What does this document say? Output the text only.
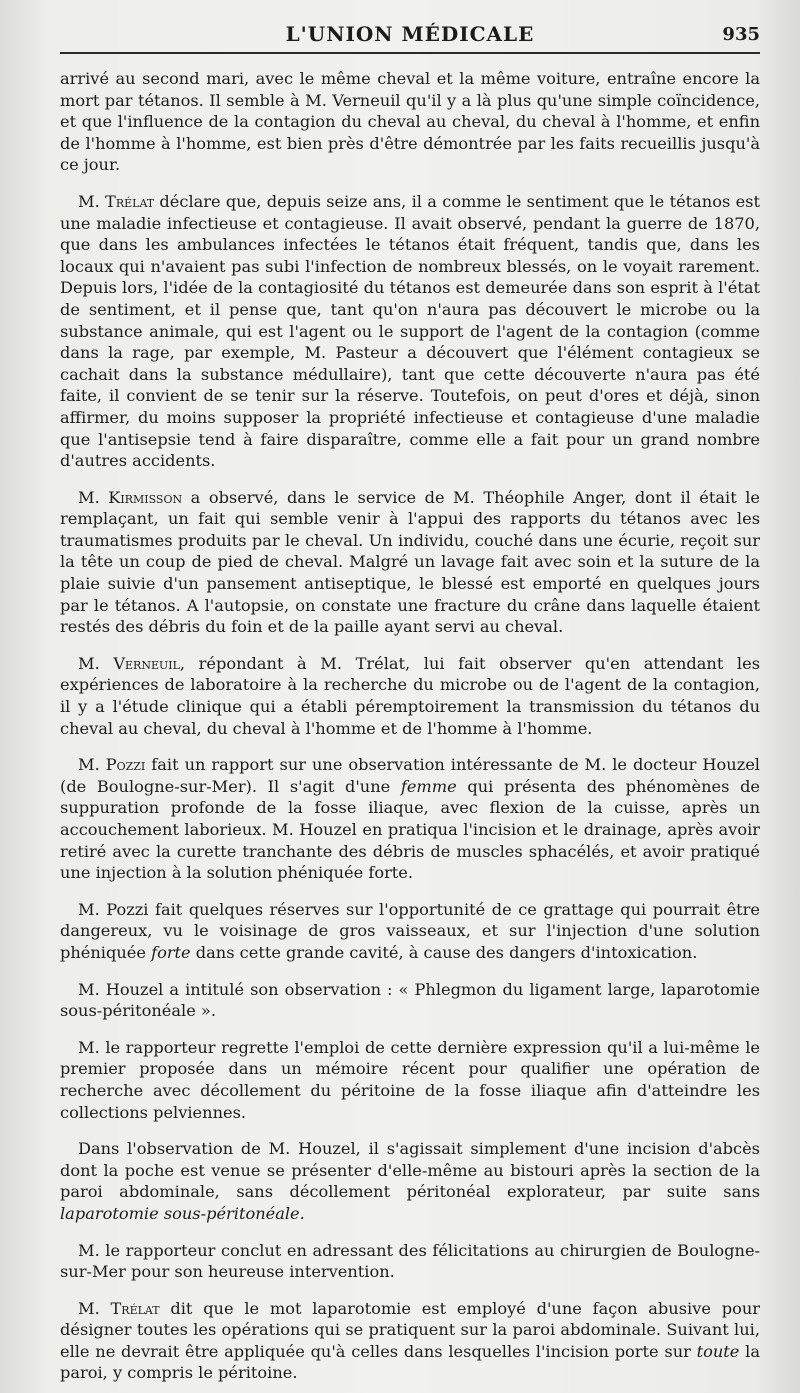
L'UNION MÉDICALE	935

arrivé au second mari, avec le même cheval et la même voiture, entraîne encore la mort par tétanos. Il semble à M. Verneuil qu'il y a là plus qu'une simple coïncidence, et que l'influence de la contagion du cheval au cheval, du cheval à l'homme, et enfin de l'homme à l'homme, est bien près d'être démontrée par les faits recueillis jusqu'à ce jour.

M. Trélat déclare que, depuis seize ans, il a comme le sentiment que le tétanos est une maladie infectieuse et contagieuse. Il avait observé, pendant la guerre de 1870, que dans les ambulances infectées le tétanos était fréquent, tandis que, dans les locaux qui n'avaient pas subi l'infection de nombreux blessés, on le voyait rarement. Depuis lors, l'idée de la contagiosité du tétanos est demeurée dans son esprit à l'état de sentiment, et il pense que, tant qu'on n'aura pas découvert le microbe ou la substance animale, qui est l'agent ou le support de l'agent de la contagion (comme dans la rage, par exemple, M. Pasteur a découvert que l'élément contagieux se cachait dans la substance médullaire), tant que cette découverte n'aura pas été faite, il convient de se tenir sur la réserve. Toutefois, on peut d'ores et déjà, sinon affirmer, du moins supposer la propriété infectieuse et contagieuse d'une maladie que l'antisepsie tend à faire disparaître, comme elle a fait pour un grand nombre d'autres accidents.

M. Kirmisson a observé, dans le service de M. Théophile Anger, dont il était le remplaçant, un fait qui semble venir à l'appui des rapports du tétanos avec les traumatismes produits par le cheval. Un individu, couché dans une écurie, reçoit sur la tête un coup de pied de cheval. Malgré un lavage fait avec soin et la suture de la plaie suivie d'un pansement antiseptique, le blessé est emporté en quelques jours par le tétanos. A l'autopsie, on constate une fracture du crâne dans laquelle étaient restés des débris du foin et de la paille ayant servi au cheval.

M. Verneuil, répondant à M. Trélat, lui fait observer qu'en attendant les expériences de laboratoire à la recherche du microbe ou de l'agent de la contagion, il y a l'étude clinique qui a établi péremptoirement la transmission du tétanos du cheval au cheval, du cheval à l'homme et de l'homme à l'homme.

M. Pozzi fait un rapport sur une observation intéressante de M. le docteur Houzel (de Boulogne-sur-Mer). Il s'agit d'une femme qui présenta des phénomènes de suppuration profonde de la fosse iliaque, avec flexion de la cuisse, après un accouchement laborieux. M. Houzel en pratiqua l'incision et le drainage, après avoir retiré avec la curette tranchante des débris de muscles sphacélés, et avoir pratiqué une injection à la solution phéniquée forte.

M. Pozzi fait quelques réserves sur l'opportunité de ce grattage qui pourrait être dangereux, vu le voisinage de gros vaisseaux, et sur l'injection d'une solution phéniquée forte dans cette grande cavité, à cause des dangers d'intoxication.

M. Houzel a intitulé son observation : « Phlegmon du ligament large, laparotomie sous-péritonéale ».

M. le rapporteur regrette l'emploi de cette dernière expression qu'il a lui-même le premier proposée dans un mémoire récent pour qualifier une opération de recherche avec décollement du péritoine de la fosse iliaque afin d'atteindre les collections pelviennes.

Dans l'observation de M. Houzel, il s'agissait simplement d'une incision d'abcès dont la poche est venue se présenter d'elle-même au bistouri après la section de la paroi abdominale, sans décollement péritonéal explorateur, par suite sans laparotomie sous-péritonéale.

M. le rapporteur conclut en adressant des félicitations au chirurgien de Boulogne-sur-Mer pour son heureuse intervention.

M. Trélat dit que le mot laparotomie est employé d'une façon abusive pour désigner toutes les opérations qui se pratiquent sur la paroi abdominale. Suivant lui, elle ne devrait être appliquée qu'à celles dans lesquelles l'incision porte sur toute la paroi, y compris le péritoine.
